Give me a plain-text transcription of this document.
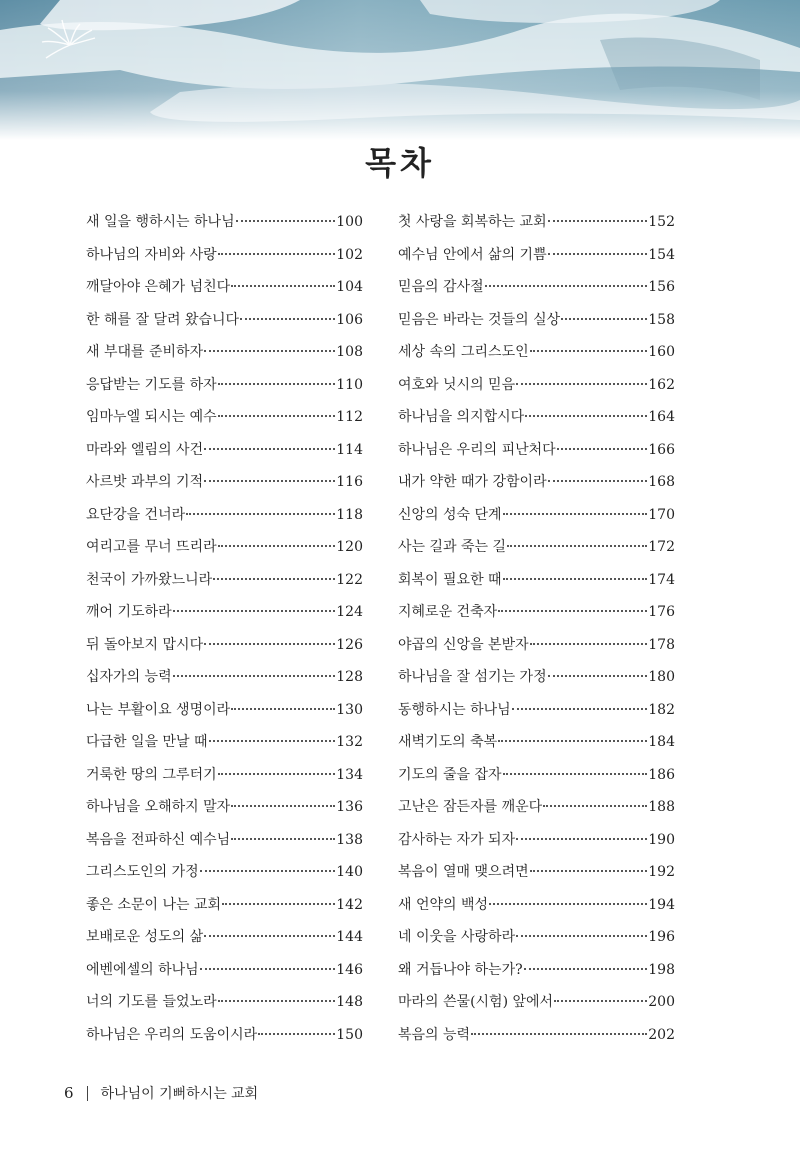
목차
새 일을 행하시는 하나님	100
하나님의 자비와 사랑	102
깨달아야 은혜가 넘친다	104
한 해를 잘 달려 왔습니다	106
새 부대를 준비하자	108
응답받는 기도를 하자	110
임마누엘 되시는 예수	112
마라와 엘림의 사건	114
사르밧 과부의 기적	116
요단강을 건너라	118
여리고를 무너 뜨리라	120
천국이 가까왔느니라	122
깨어 기도하라	124
뒤 돌아보지 맙시다	126
십자가의 능력	128
나는 부활이요 생명이라	130
다급한 일을 만날 때	132
거룩한 땅의 그루터기	134
하나님을 오해하지 말자	136
복음을 전파하신 예수님	138
그리스도인의 가정	140
좋은 소문이 나는 교회	142
보배로운 성도의 삶	144
에벤에셀의 하나님	146
너의 기도를 들었노라	148
하나님은 우리의 도움이시라	150
첫 사랑을 회복하는 교회	152
예수님 안에서 삶의 기쁨	154
믿음의 감사절	156
믿음은 바라는 것들의 실상	158
세상 속의 그리스도인	160
여호와 닛시의 믿음	162
하나님을 의지합시다	164
하나님은 우리의 피난처다	166
내가 약한 때가 강함이라	168
신앙의 성숙 단계	170
사는 길과 죽는 길	172
회복이 필요한 때	174
지혜로운 건축자	176
야곱의 신앙을 본받자	178
하나님을 잘 섬기는 가정	180
동행하시는 하나님	182
새벽기도의 축복	184
기도의 줄을 잡자	186
고난은 잠든자를 깨운다	188
감사하는 자가 되자	190
복음이 열매 맺으려면	192
새 언약의 백성	194
네 이웃을 사랑하라	196
왜 거듭나야 하는가?	198
마라의 쓴물(시험) 앞에서	200
복음의 능력	202
6 하나님이 기뻐하시는 교회
